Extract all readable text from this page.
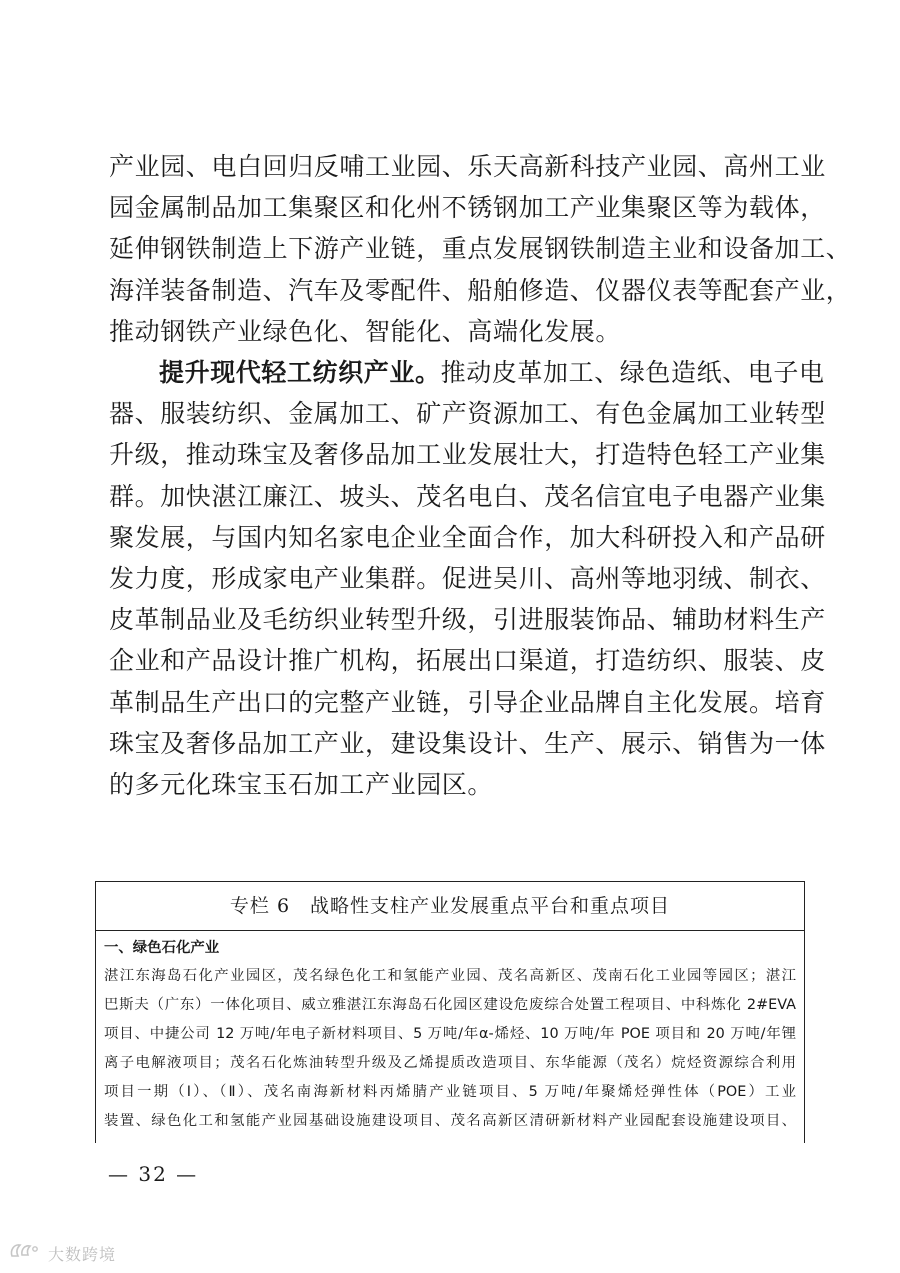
产业园、电白回归反哺工业园、乐天高新科技产业园、高州工业
园金属制品加工集聚区和化州不锈钢加工产业集聚区等为载体，
延伸钢铁制造上下游产业链，重点发展钢铁制造主业和设备加工、
海洋装备制造、汽车及零配件、船舶修造、仪器仪表等配套产业，
推动钢铁产业绿色化、智能化、高端化发展。

提升现代轻工纺织产业。推动皮革加工、绿色造纸、电子电
器、服装纺织、金属加工、矿产资源加工、有色金属加工业转型
升级，推动珠宝及奢侈品加工业发展壮大，打造特色轻工产业集
群。加快湛江廉江、坡头、茂名电白、茂名信宜电子电器产业集
聚发展，与国内知名家电企业全面合作，加大科研投入和产品研
发力度，形成家电产业集群。促进吴川、高州等地羽绒、制衣、
皮革制品业及毛纺织业转型升级，引进服装饰品、辅助材料生产
企业和产品设计推广机构，拓展出口渠道，打造纺织、服装、皮
革制品生产出口的完整产业链，引导企业品牌自主化发展。培育
珠宝及奢侈品加工产业，建设集设计、生产、展示、销售为一体
的多元化珠宝玉石加工产业园区。

专栏 6　战略性支柱产业发展重点平台和重点项目
一、绿色石化产业
湛江东海岛石化产业园区，茂名绿色化工和氢能产业园、茂名高新区、茂南石化工业园等园区；湛江
巴斯夫（广东）一体化项目、威立雅湛江东海岛石化园区建设危废综合处置工程项目、中科炼化 2#EVA
项目、中捷公司 12 万吨/年电子新材料项目、5 万吨/年α-烯烃、10 万吨/年 POE 项目和 20 万吨/年锂
离子电解液项目；茂名石化炼油转型升级及乙烯提质改造项目、东华能源（茂名）烷烃资源综合利用
项目一期（Ⅰ）、（Ⅱ）、茂名南海新材料丙烯腈产业链项目、5 万吨/年聚烯烃弹性体（POE）工业
装置、绿色化工和氢能产业园基础设施建设项目、茂名高新区清研新材料产业园配套设施建设项目、
— 32 —
大数跨境
